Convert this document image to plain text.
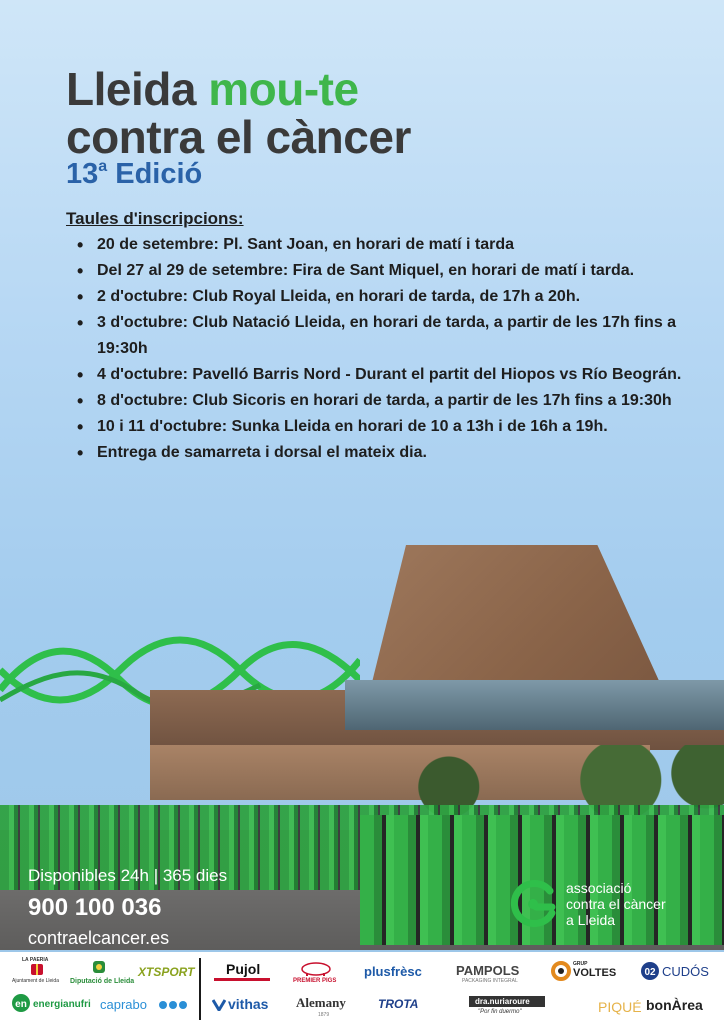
Lleida mou-te
contra el càncer
13$^a$ Edició
Taules d'inscripcions:
• 20 de setembre: Pl. Sant Joan, en horari de matí i tarda
• Del 27 al 29 de setembre: Fira de Sant Miquel, en horari de matí i tarda.
• 2 d'octubre: Club Royal Lleida, en horari de tarda, de 17h a 20h.
• 3 d'octubre: Club Natació Lleida, en horari de tarda, a partir de les 17h fins a 19:30h
• 4 d'octubre: Pavelló Barris Nord - Durant el partit del Hiopos vs Río Beográn.
• 8 d'octubre: Club Sicoris en horari de tarda, a partir de les 17h fins a 19:30h
• 10 i 11 d'octubre: Sunka Lleida en horari de 10 a 13h i de 16h a 19h.
• Entrega de samarreta i dorsal el mateix dia.
Disponibles 24h | 365 dies
900 100 036
contraelcancer.es
associació
contra el càncer
a Lleida
LA PAERIA
Ajuntament de Lleida Diputació de Lleida
XTSPORT
en energianufri caprabo
Pujol
PREMIER PIGS
plusfrèsc	PAMPOLS
PACKAGING INTEGRAL
GRUP
VOLTES	02 CUDÓS
vithas Alemany
1879
TROTA	dra.nuriaroure
"Por fin duermo"	PIQUÉ bonÀrea
